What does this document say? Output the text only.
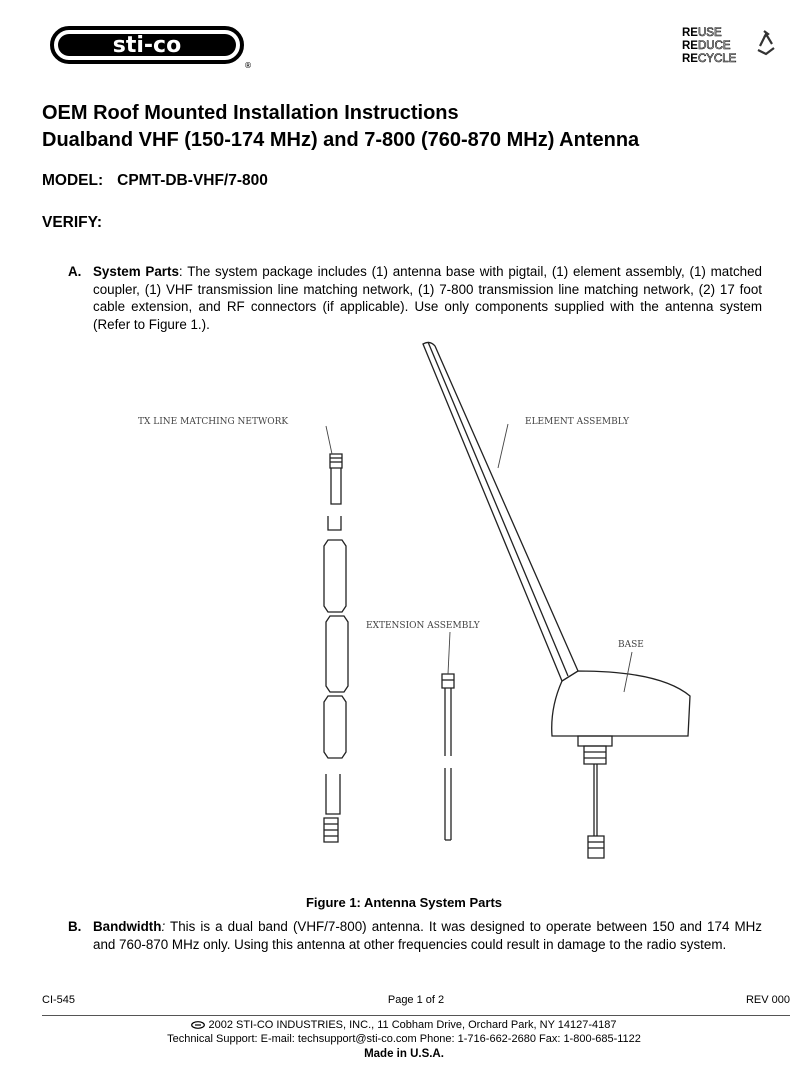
sti-co
®
REUSE
REDUCE
RECYCLE
OEM Roof Mounted Installation Instructions
Dualband VHF (150-174 MHz) and 7-800 (760-870 MHz) Antenna
MODEL: CPMT-DB-VHF/7-800
VERIFY:
A. System Parts: The system package includes (1) antenna base with pigtail, (1) element assembly, (1) matched coupler, (1) VHF transmission line matching network, (1) 7-800 transmission line matching network, (2) 17 foot cable extension, and RF connectors (if applicable). Use only components supplied with the antenna system (Refer to Figure 1.).
TX LINE MATCHING NETWORK	ELEMENT ASSEMBLY
EXTENSION ASSEMBLY
BASE
Figure 1: Antenna System Parts
B. Bandwidth: This is a dual band (VHF/7-800) antenna. It was designed to operate between 150 and 174 MHz and 760-870 MHz only. Using this antenna at other frequencies could result in damage to the radio system.
CI-545	Page 1 of 2	REV 000
2002 STI-CO INDUSTRIES, INC., 11 Cobham Drive, Orchard Park, NY 14127-4187
Technical Support: E-mail: techsupport@sti-co.com Phone: 1-716-662-2680 Fax: 1-800-685-1122
Made in U.S.A.
